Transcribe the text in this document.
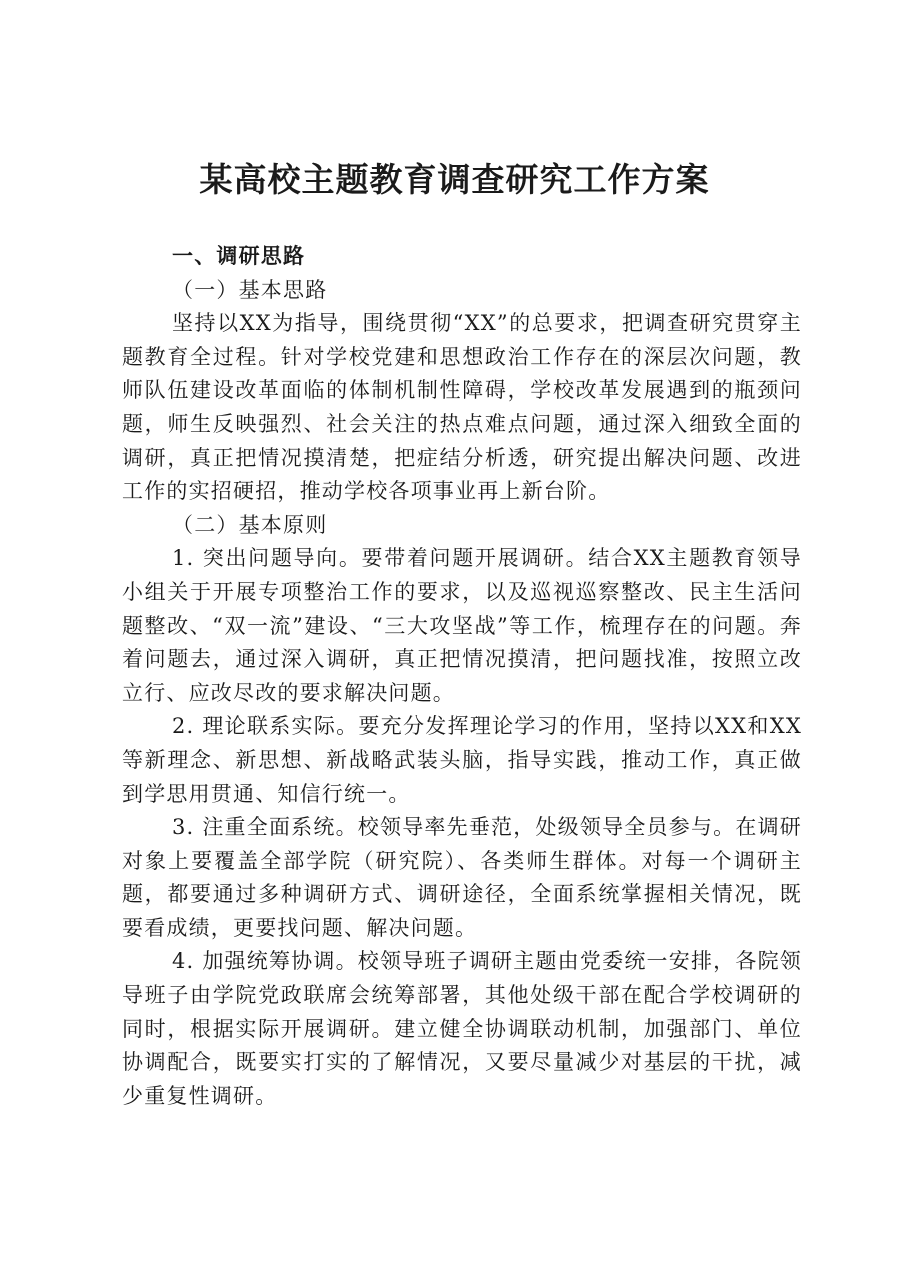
某高校主题教育调查研究工作方案

一、调研思路

（一）基本思路

坚持以XX为指导，围绕贯彻“XX”的总要求，把调查研究贯穿主题教育全过程。针对学校党建和思想政治工作存在的深层次问题，教师队伍建设改革面临的体制机制性障碍，学校改革发展遇到的瓶颈问题，师生反映强烈、社会关注的热点难点问题，通过深入细致全面的调研，真正把情况摸清楚，把症结分析透，研究提出解决问题、改进工作的实招硬招，推动学校各项事业再上新台阶。

（二）基本原则

1. 突出问题导向。要带着问题开展调研。结合XX主题教育领导小组关于开展专项整治工作的要求，以及巡视巡察整改、民主生活问题整改、“双一流”建设、“三大攻坚战”等工作，梳理存在的问题。奔着问题去，通过深入调研，真正把情况摸清，把问题找准，按照立改立行、应改尽改的要求解决问题。

2. 理论联系实际。要充分发挥理论学习的作用，坚持以XX和XX等新理念、新思想、新战略武装头脑，指导实践，推动工作，真正做到学思用贯通、知信行统一。

3. 注重全面系统。校领导率先垂范，处级领导全员参与。在调研对象上要覆盖全部学院（研究院）、各类师生群体。对每一个调研主题，都要通过多种调研方式、调研途径，全面系统掌握相关情况，既要看成绩，更要找问题、解决问题。

4. 加强统筹协调。校领导班子调研主题由党委统一安排，各院领导班子由学院党政联席会统筹部署，其他处级干部在配合学校调研的同时，根据实际开展调研。建立健全协调联动机制，加强部门、单位协调配合，既要实打实的了解情况，又要尽量减少对基层的干扰，减少重复性调研。
